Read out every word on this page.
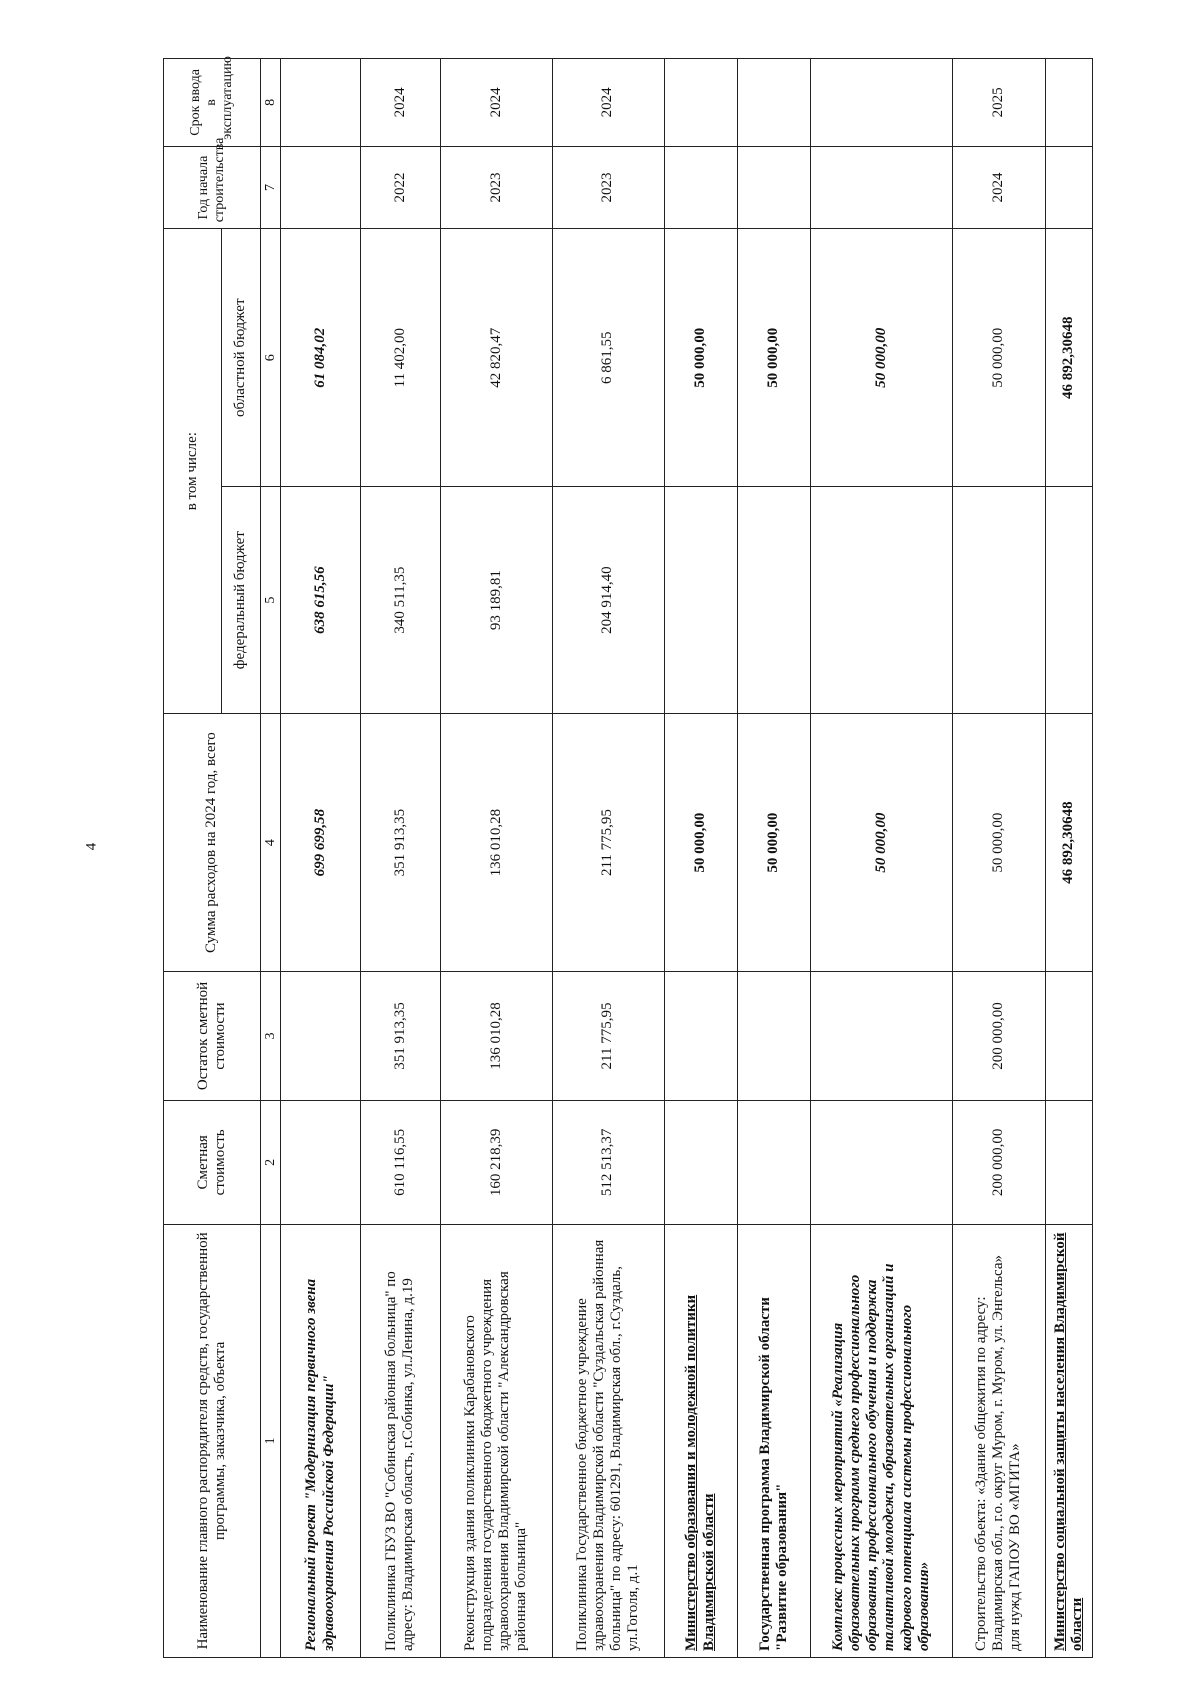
4
Наименование главного распорядителя средств, государственной программы, заказчика, объекта	Сметная стоимость	Остаток сметной стоимости	Сумма расходов на 2024 год, всего	в том числе:		Год начала строительства	Срок ввода в эксплуатацию
				федеральный бюджет	областной бюджет		
1	2	3	4	5	6	7	8
Региональный проект "Модернизация первичного звена здравоохранения Российской Федерации"			699 699,58	638 615,56	61 084,02		
Поликлиника ГБУЗ ВО "Собинская районная больница" по адресу: Владимирская область, г.Собинка, ул.Ленина, д.19	610 116,55	351 913,35	351 913,35	340 511,35	11 402,00	2022	2024
Реконструкция здания поликлиники Карабановского подразделения государственного бюджетного учреждения здравоохранения Владимирской области "Александровская районная больница"	160 218,39	136 010,28	136 010,28	93 189,81	42 820,47	2023	2024
Поликлиника Государственное бюджетное учреждение здравоохранения Владимирской области "Суздальская районная больница" по адресу: 601291, Владимирская обл., г.Суздаль, ул.Гоголя, д.1	512 513,37	211 775,95	211 775,95	204 914,40	6 861,55	2023	2024
Министерство образования и молодежной политики Владимирской области			50 000,00		50 000,00		
Государственная программа Владимирской области "Развитие образования"			50 000,00		50 000,00		
Комплекс процессных мероприятий «Реализация образовательных программ среднего профессионального образования, профессионального обучения и поддержка талантливой молодежи, образовательных организаций и кадрового потенциала системы профессионального образования»			50 000,00		50 000,00		
Строительство объекта: «Здание общежития по адресу: Владимирская обл., г.о. округ Муром, г. Муром, ул. Энгельса» для нужд ГАПОУ ВО «МГИТА»	200 000,00	200 000,00	50 000,00		50 000,00	2024	2025
Министерство социальной защиты населения Владимирской области			46 892,30648		46 892,30648		
